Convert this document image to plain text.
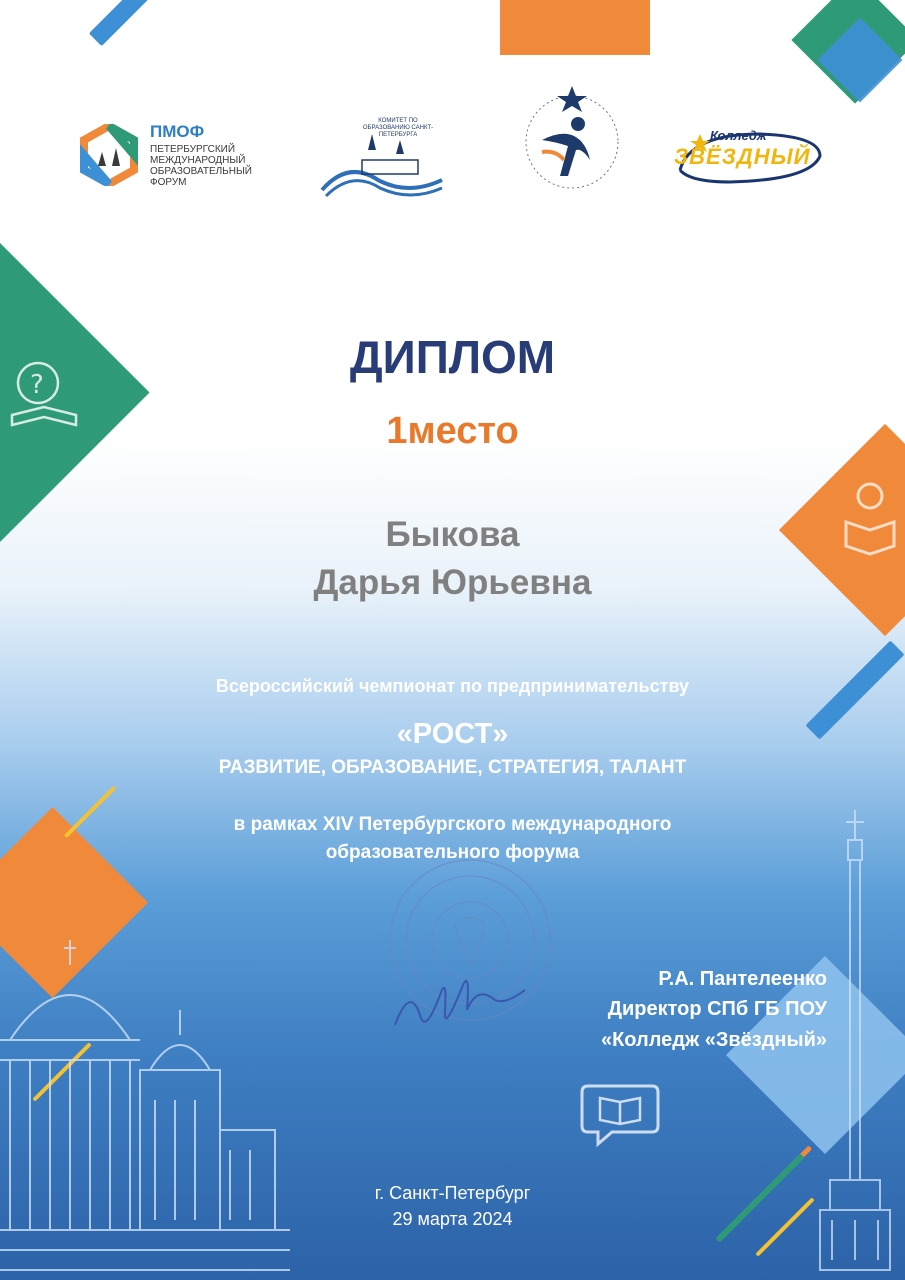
?
ПМОФ
ПЕТЕРБУРГСКИЙ МЕЖДУНАРОДНЫЙ ОБРАЗОВАТЕЛЬНЫЙ ФОРУМ
КОМИТЕТ ПО ОБРАЗОВАНИЮ САНКТ-ПЕТЕРБУРГА	Колледж
ЗВЁЗДНЫЙ
ДИПЛОМ
1место
Быкова
Дарья Юрьевна
Всероссийский чемпионат по предпринимательству
«РОСТ»
РАЗВИТИЕ, ОБРАЗОВАНИЕ, СТРАТЕГИЯ, ТАЛАНТ
в рамках XIV Петербургского международного
образовательного форума
Р.А. Пантелеенко
Директор СПб ГБ ПОУ
«Колледж «Звёздный»
г. Санкт-Петербург
29 марта 2024
